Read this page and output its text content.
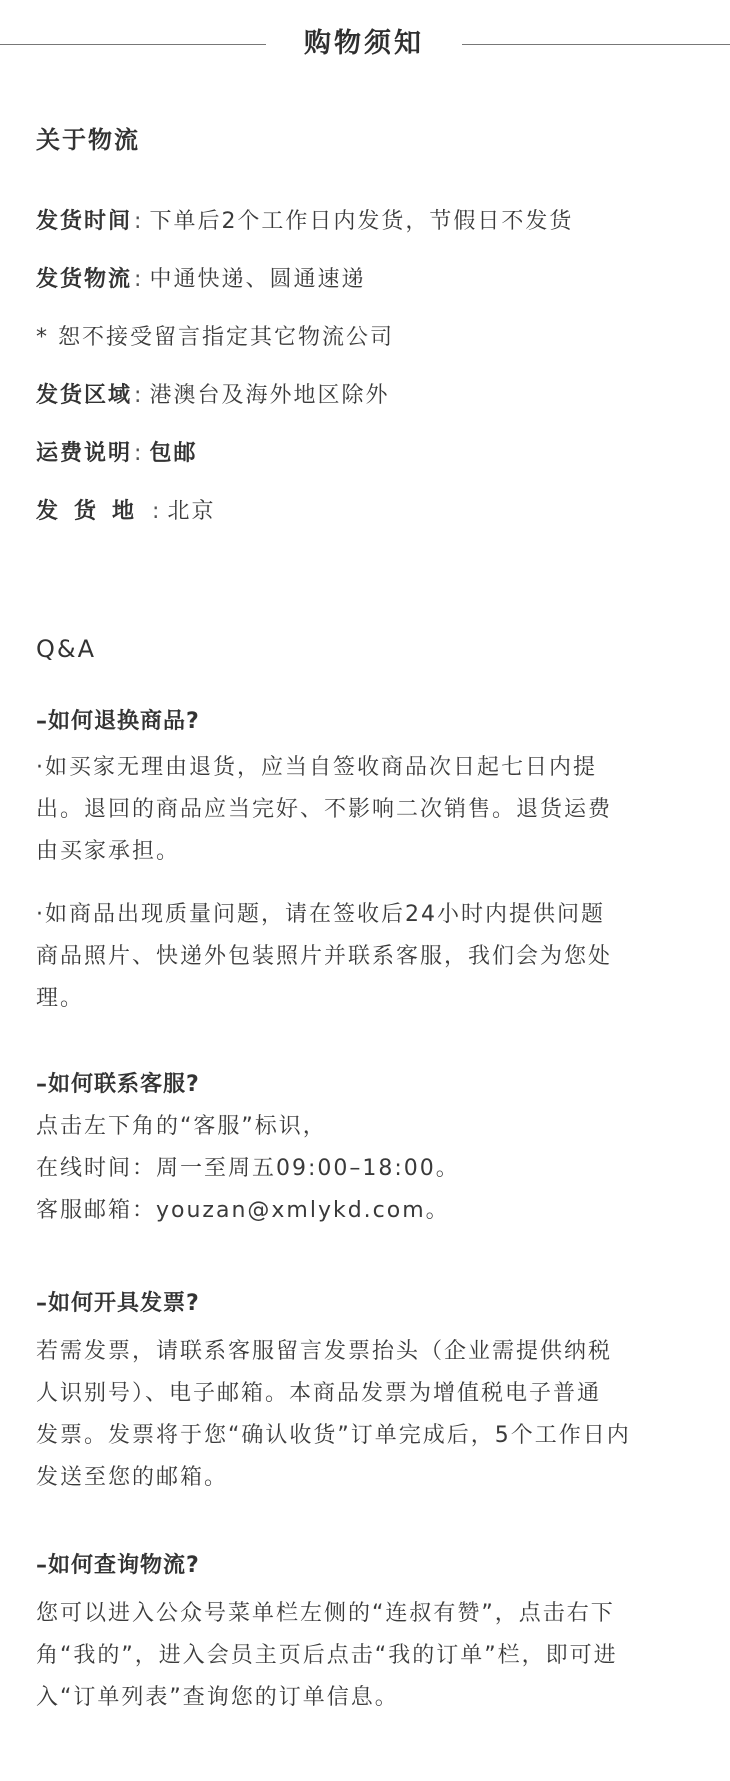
购物须知
关于物流
发货时间: 下单后2个工作日内发货，节假日不发货
发货物流: 中通快递、圆通速递
* 恕不接受留言指定其它物流公司
发货区域: 港澳台及海外地区除外
运费说明: 包邮
发货地: 北京
Q&A
–如何退换商品?
·如买家无理由退货，应当自签收商品次日起七日内提
出。退回的商品应当完好、不影响二次销售。退货运费
由买家承担。
·如商品出现质量问题，请在签收后24小时内提供问题
商品照片、快递外包装照片并联系客服，我们会为您处
理。
–如何联系客服?
点击左下角的“客服”标识，
在线时间：周一至周五09:00–18:00。
客服邮箱：youzan@xmlykd.com。
–如何开具发票?
若需发票，请联系客服留言发票抬头（企业需提供纳税
人识别号）、电子邮箱。本商品发票为增值税电子普通
发票。发票将于您“确认收货”订单完成后，5个工作日内
发送至您的邮箱。
–如何查询物流?
您可以进入公众号菜单栏左侧的“连叔有赞”，点击右下
角“我的”，进入会员主页后点击“我的订单”栏，即可进
入“订单列表”查询您的订单信息。
